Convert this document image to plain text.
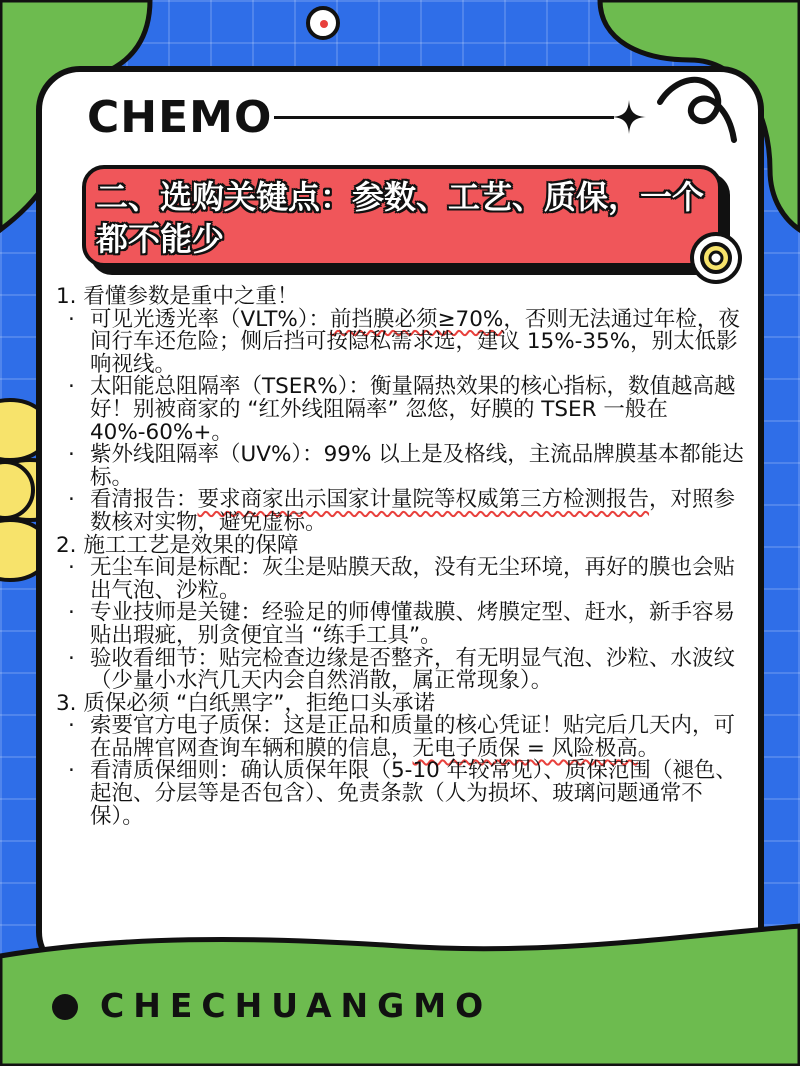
CHEMO
二、选购关键点：参数、工艺、质保，一个都不能少
1. 看懂参数是重中之重！
· 可见光透光率（VLT%）：前挡膜必须≥70%，否则无法通过年检，夜间行车还危险；侧后挡可按隐私需求选，建议 15%-35%，别太低影响视线。
· 太阳能总阻隔率（TSER%）：衡量隔热效果的核心指标，数值越高越好！别被商家的 “红外线阻隔率” 忽悠，好膜的 TSER 一般在 40%-60%+。
· 紫外线阻隔率（UV%）：99% 以上是及格线，主流品牌膜基本都能达标。
· 看清报告：要求商家出示国家计量院等权威第三方检测报告，对照参数核对实物，避免虚标。
2. 施工工艺是效果的保障
· 无尘车间是标配：灰尘是贴膜天敌，没有无尘环境，再好的膜也会贴出气泡、沙粒。
· 专业技师是关键：经验足的师傅懂裁膜、烤膜定型、赶水，新手容易贴出瑕疵，别贪便宜当 “练手工具”。
· 验收看细节：贴完检查边缘是否整齐，有无明显气泡、沙粒、水波纹（少量小水汽几天内会自然消散，属正常现象）。
3. 质保必须 “白纸黑字”，拒绝口头承诺
· 索要官方电子质保：这是正品和质量的核心凭证！贴完后几天内，可在品牌官网查询车辆和膜的信息，无电子质保 = 风险极高。
· 看清质保细则：确认质保年限（5-10 年较常见）、质保范围（褪色、起泡、分层等是否包含）、免责条款（人为损坏、玻璃问题通常不保）。
CHECHUANGMO
